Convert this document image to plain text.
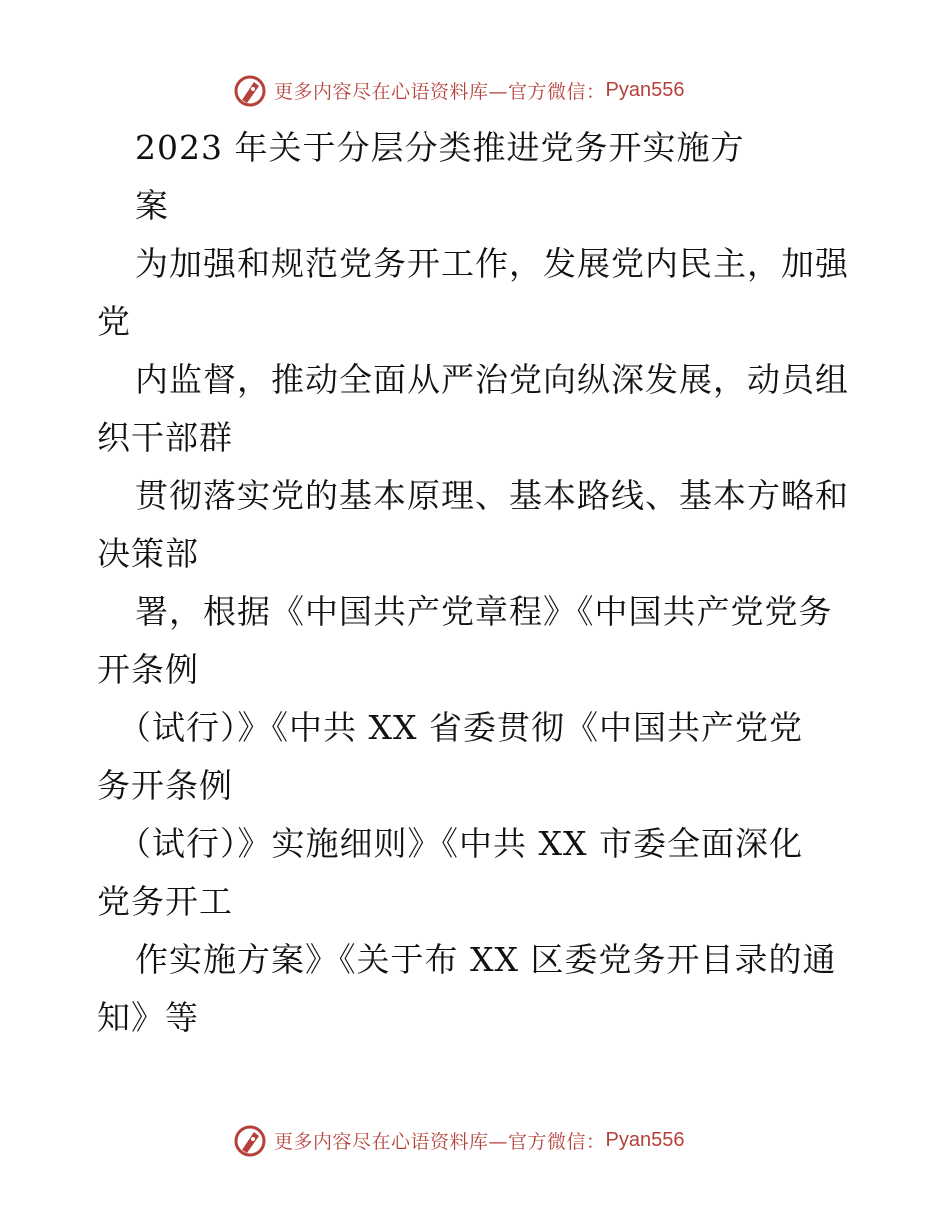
更多内容尽在心语资料库—官方微信： Pyan556
2023 年关于分层分类推进党务开实施方
案
为加强和规范党务开工作，发展党内民主，加强
党
内监督，推动全面从严治党向纵深发展，动员组
织干部群
贯彻落实党的基本原理、基本路线、基本方略和
决策部
署，根据《中国共产党章程》《中国共产党党务
开条例
（试行）》《中共 XX 省委贯彻《中国共产党党
务开条例
（试行）》实施细则》《中共 XX 市委全面深化
党务开工
作实施方案》《关于布 XX 区委党务开目录的通
知》等
更多内容尽在心语资料库—官方微信： Pyan556
